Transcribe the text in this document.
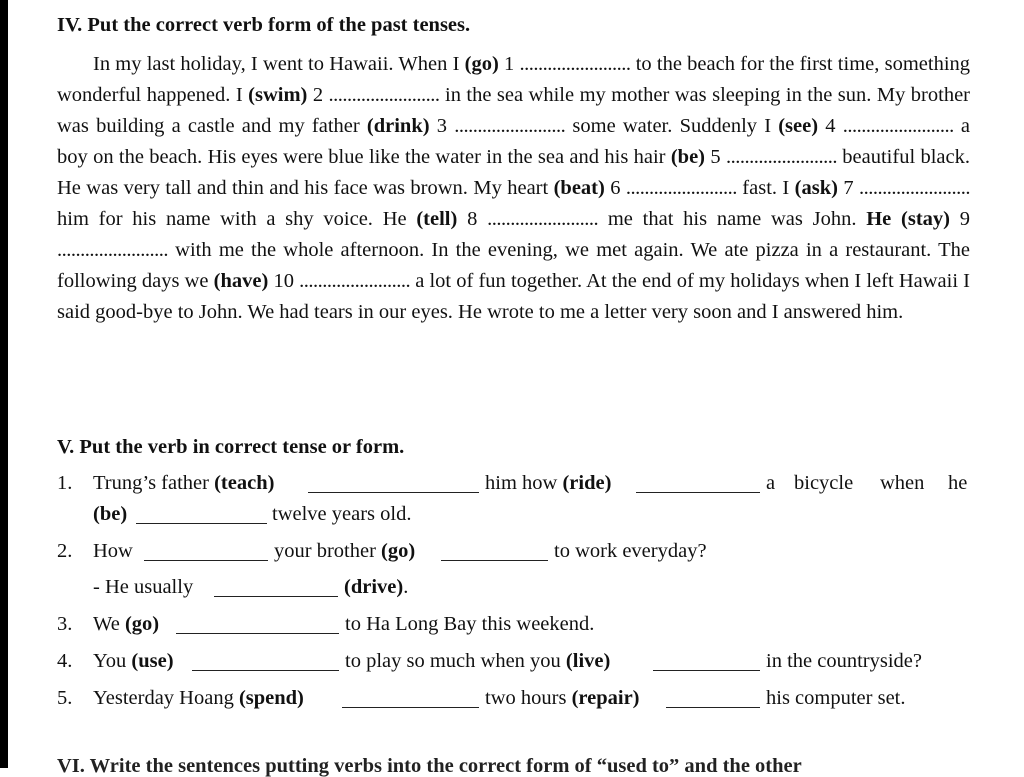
IV. Put the correct verb form of the past tenses.
In my last holiday, I went to Hawaii. When I (go) 1 ........................ to the beach for the first time, something wonderful happened. I (swim) 2 ........................ in the sea while my mother was sleeping in the sun. My brother was building a castle and my father (drink) 3 ........................ some water. Suddenly I (see) 4 ........................ a boy on the beach. His eyes were blue like the water in the sea and his hair (be) 5 ........................ beautiful black. He was very tall and thin and his face was brown. My heart (beat) 6 ........................ fast. I (ask) 7 ........................ him for his name with a shy voice. He (tell) 8 ........................ me that his name was John. He (stay) 9 ........................ with me the whole afternoon. In the evening, we met again. We ate pizza in a restaurant. The following days we (have) 10 ........................ a lot of fun together. At the end of my holidays when I left Hawaii I said good-bye to John. We had tears in our eyes. He wrote to me a letter very soon and I answered him.
V. Put the verb in correct tense or form.
1. Trung’s father (teach)	him how (ride)	a bicycle when he
(be)	twelve years old.
2. How	your brother (go)	to work everyday?
- He usually	(drive).
3. We (go)	to Ha Long Bay this weekend.
4. You (use)	to play so much when you (live)	in the countryside?
5. Yesterday Hoang (spend)	two hours (repair)	his computer set.
VI. Write the sentences putting verbs into the correct form of “used to” and the other
